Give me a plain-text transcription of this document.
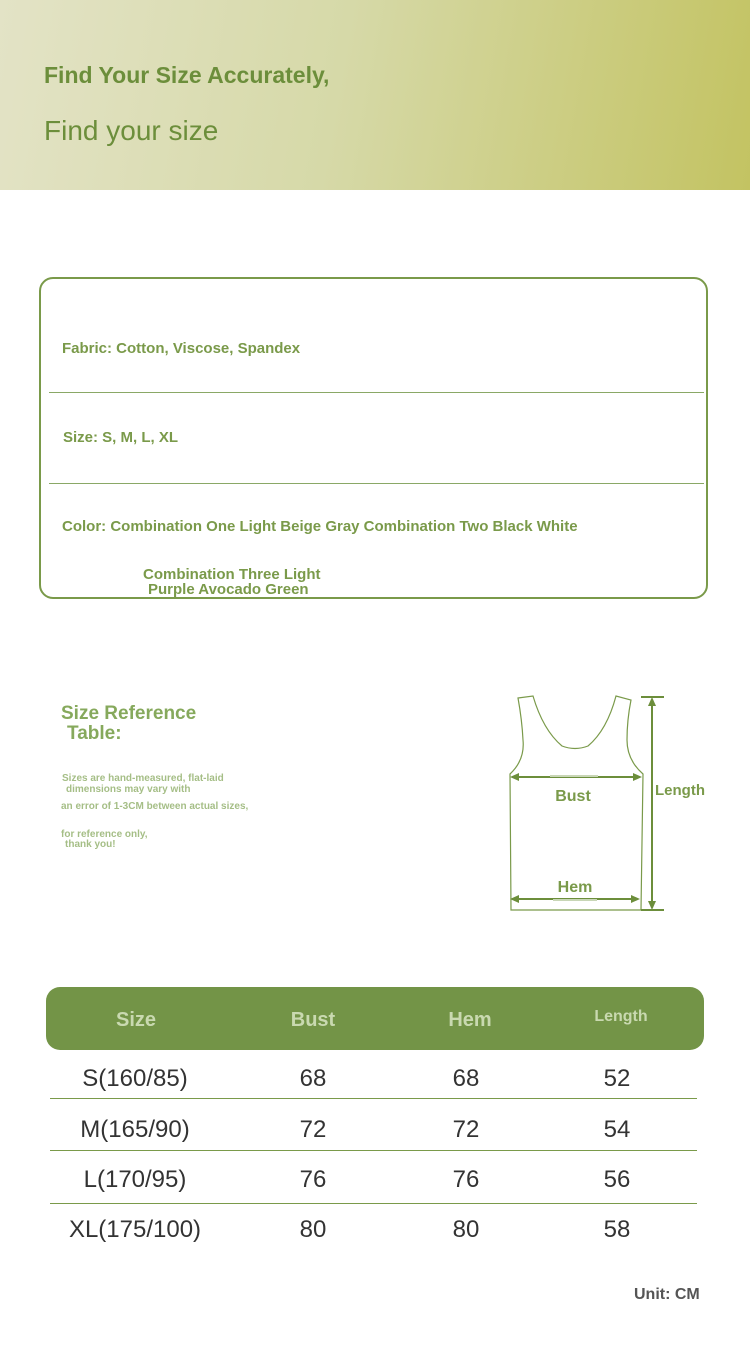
Find Your Size Accurately,
Find your size
Fabric: Cotton, Viscose, Spandex
Size: S, M, L, XL
Color: Combination One Light Beige Gray Combination Two Black White
Combination Three Light
Purple Avocado Green
Size Reference
Table:
Sizes are hand-measured, flat-laid
dimensions may vary with
an error of 1-3CM between actual sizes,
for reference only,
thank you!
Bust
Hem
Length
Size	Bust	Hem	Length
S(160/85)	68	68	52
M(165/90)	72	72	54
L(170/95)	76	76	56
XL(175/100)	80	80	58
Unit: CM
